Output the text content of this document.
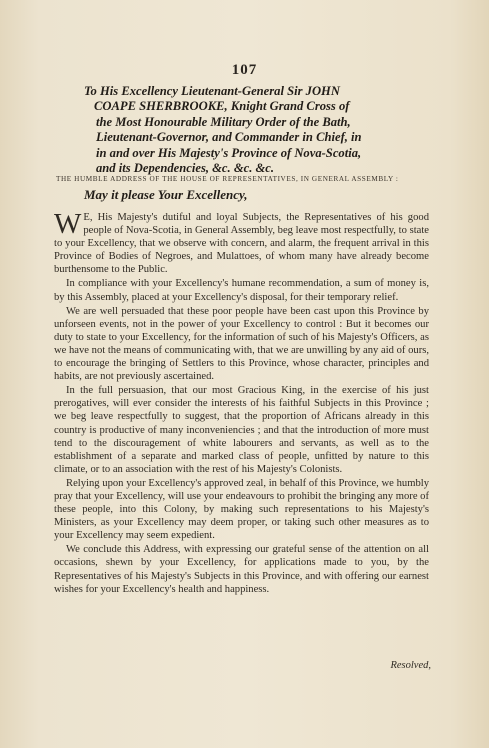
107
To His Excellency Lieutenant-General Sir JOHN
COAPE SHERBROOKE, Knight Grand Cross of
the Most Honourable Military Order of the Bath,
Lieutenant-Governor, and Commander in Chief, in
in and over His Majesty's Province of Nova-Scotia,
and its Dependencies, &c. &c. &c.
THE HUMBLE ADDRESS OF THE HOUSE OF REPRESENTATIVES, IN GENERAL ASSEMBLY :
May it please Your Excellency,

W E, His Majesty's dutiful and loyal Subjects, the Representatives of his good people of Nova-Scotia, in General Assembly, beg leave most respectfully, to state to your Excellency, that we observe with concern, and alarm, the frequent arrival in this Province of Bodies of Negroes, and Mulattoes, of whom many have already become burthensome to the Public.

In compliance with your Excellency's humane recommendation, a sum of money is, by this Assembly, placed at your Excellency's disposal, for their temporary relief.

We are well persuaded that these poor people have been cast upon this Province by unforseen events, not in the power of your Excellency to control : But it becomes our duty to state to your Excellency, for the information of such of his Majesty's Officers, as we have not the means of communicating with, that we are unwilling by any aid of ours, to encourage the bringing of Settlers to this Province, whose character, principles and habits, are not previously ascertained.

In the full persuasion, that our most Gracious King, in the exercise of his just prerogatives, will ever consider the interests of his faithful Subjects in this Province ; we beg leave respectfully to suggest, that the proportion of Africans already in this country is productive of many inconveniencies ; and that the introduction of more must tend to the discouragement of white labourers and servants, as well as to the establishment of a separate and marked class of people, unfitted by nature to this climate, or to an association with the rest of his Majesty's Colonists.

Relying upon your Excellency's approved zeal, in behalf of this Province, we humbly pray that your Excellency, will use your endeavours to prohibit the bringing any more of these people, into this Colony, by making such representations to his Majesty's Ministers, as your Excellency may deem proper, or taking such other measures as to your Excellency may seem expedient.

We conclude this Address, with expressing our grateful sense of the attention on all occasions, shewn by your Excellency, for applications made to you, by the Representatives of his Majesty's Subjects in this Province, and with offering our earnest wishes for your Excellency's health and happiness.

Resolved,
